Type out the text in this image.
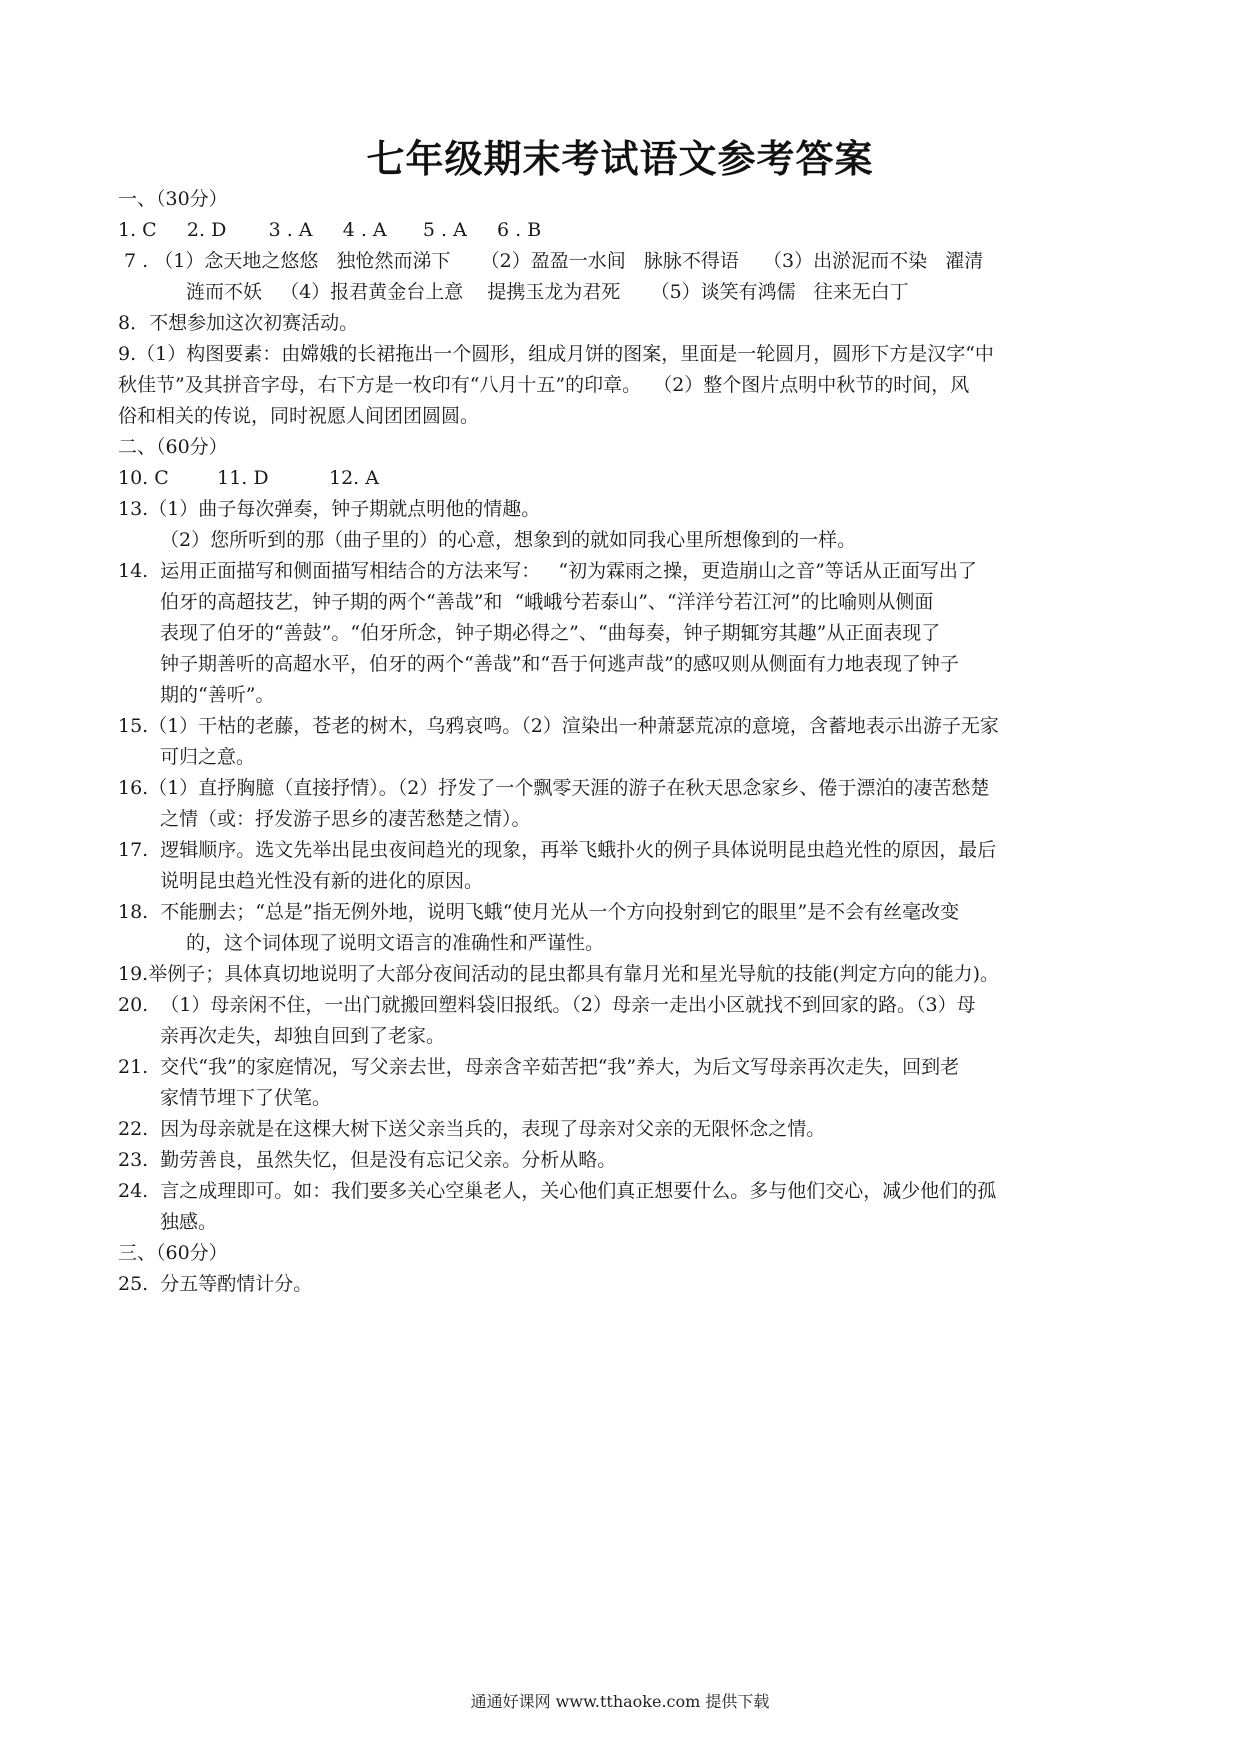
七年级期末考试语文参考答案
一、（30分）
1. C     2. D       3 . A     4 . A      5 . A     6 . B
7 . （1）念天地之悠悠   独怆然而涕下     （2）盈盈一水间   脉脉不得语    （3）出淤泥而不染   濯清
涟而不妖   （4）报君黄金台上意    提携玉龙为君死     （5）谈笑有鸿儒   往来无白丁
8．不想参加这次初赛活动。
9.（1）构图要素：由嫦娥的长裙拖出一个圆形，组成月饼的图案，里面是一轮圆月，圆形下方是汉字“中
秋佳节”及其拼音字母，右下方是一枚印有“八月十五”的印章。  （2）整个图片点明中秋节的时间，风
俗和相关的传说，同时祝愿人间团团圆圆。
二、（60分）
10. C        11. D          12. A
13.（1）曲子每次弹奏，钟子期就点明他的情趣。
（2）您所听到的那（曲子里的）的心意，想象到的就如同我心里所想像到的一样。
14.  运用正面描写和侧面描写相结合的方法来写：   “初为霖雨之操，更造崩山之音”等话从正面写出了
伯牙的高超技艺，钟子期的两个“善哉”和  “峨峨兮若泰山”、“洋洋兮若江河”的比喻则从侧面
表现了伯牙的“善鼓”。“伯牙所念，钟子期必得之”、“曲每奏，钟子期辄穷其趣”从正面表现了
钟子期善听的高超水平，伯牙的两个“善哉”和“吾于何逃声哉”的感叹则从侧面有力地表现了钟子
期的“善听”。
15.（1）干枯的老藤，苍老的树木，乌鸦哀鸣。（2）渲染出一种萧瑟荒凉的意境，含蓄地表示出游子无家
可归之意。
16.（1）直抒胸臆（直接抒情）。（2）抒发了一个飘零天涯的游子在秋天思念家乡、倦于漂泊的凄苦愁楚
之情（或：抒发游子思乡的凄苦愁楚之情）。
17.  逻辑顺序。选文先举出昆虫夜间趋光的现象，再举飞蛾扑火的例子具体说明昆虫趋光性的原因，最后
说明昆虫趋光性没有新的进化的原因。
18.  不能删去；“总是”指无例外地，说明飞蛾“使月光从一个方向投射到它的眼里”是不会有丝毫改变
的，这个词体现了说明文语言的准确性和严谨性。
19.举例子；具体真切地说明了大部分夜间活动的昆虫都具有靠月光和星光导航的技能(判定方向的能力)。
20.  （1）母亲闲不住，一出门就搬回塑料袋旧报纸。（2）母亲一走出小区就找不到回家的路。（3）母
亲再次走失，却独自回到了老家。
21.  交代“我”的家庭情况，写父亲去世，母亲含辛茹苦把“我”养大，为后文写母亲再次走失，回到老
家情节埋下了伏笔。
22.  因为母亲就是在这棵大树下送父亲当兵的，表现了母亲对父亲的无限怀念之情。
23.  勤劳善良，虽然失忆，但是没有忘记父亲。分析从略。
24.  言之成理即可。如：我们要多关心空巢老人，关心他们真正想要什么。多与他们交心，减少他们的孤
独感。
三、（60分）
25.  分五等酌情计分。
通通好课网 www.tthaoke.com 提供下载
